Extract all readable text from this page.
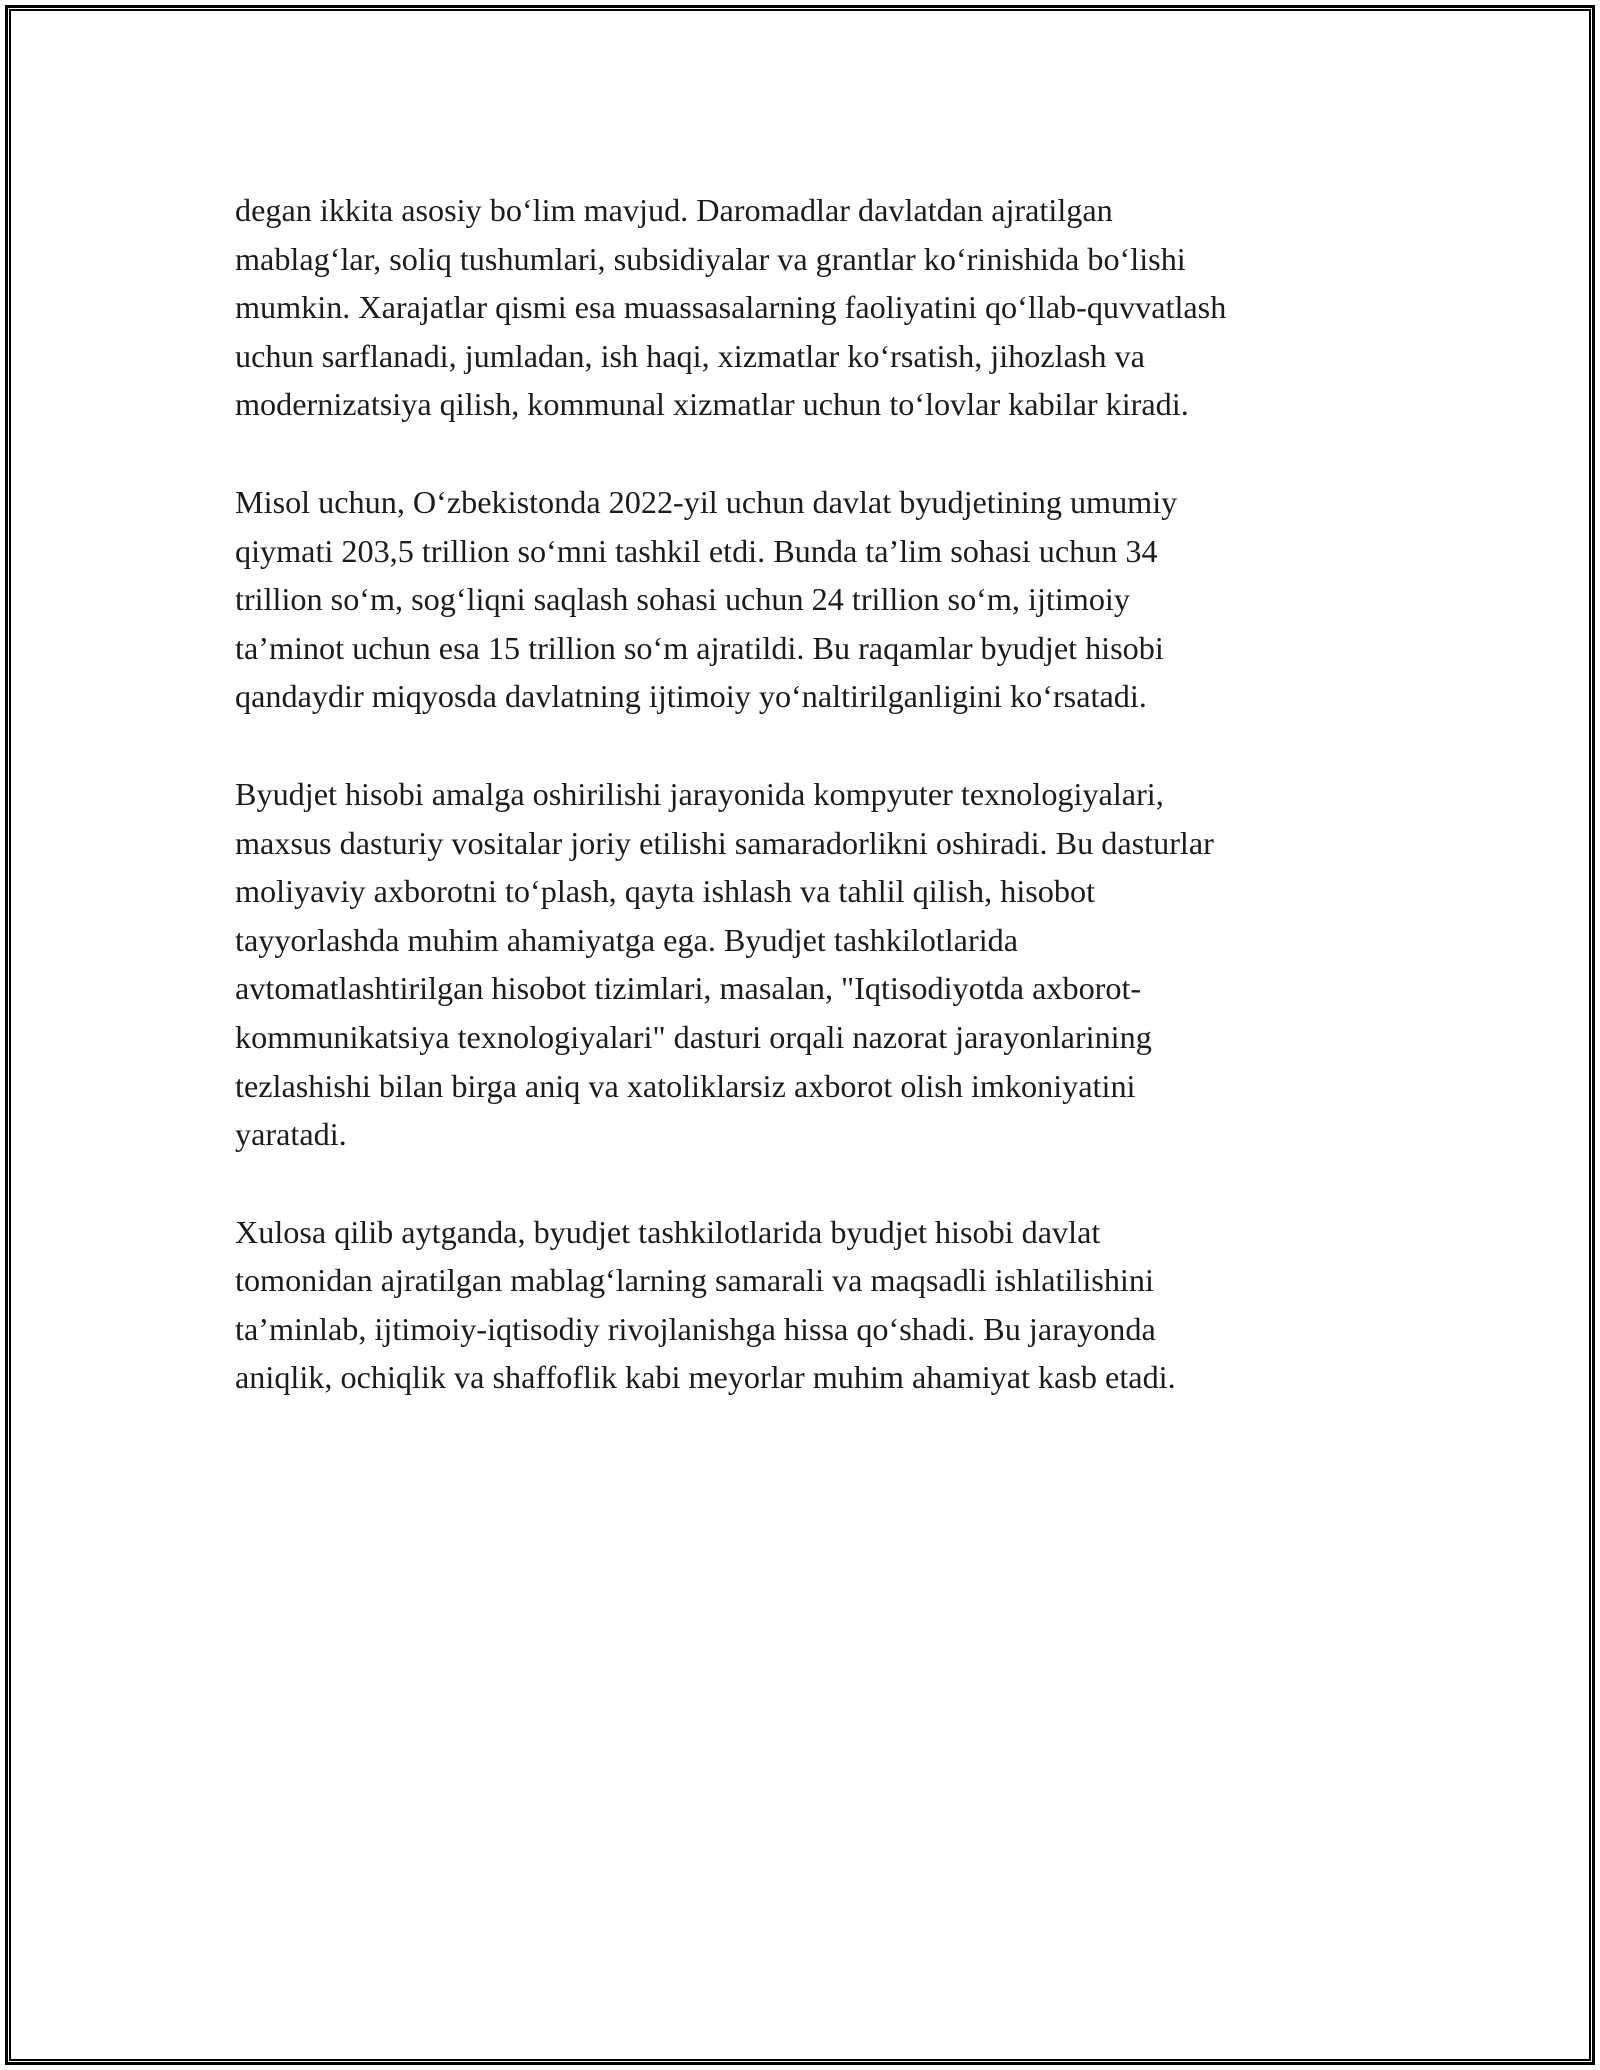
degan ikkita asosiy bo‘lim mavjud. Daromadlar davlatdan ajratilgan
mablag‘lar, soliq tushumlari, subsidiyalar va grantlar ko‘rinishida bo‘lishi
mumkin. Xarajatlar qismi esa muassasalarning faoliyatini qo‘llab-quvvatlash
uchun sarflanadi, jumladan, ish haqi, xizmatlar ko‘rsatish, jihozlash va
modernizatsiya qilish, kommunal xizmatlar uchun to‘lovlar kabilar kiradi.

Misol uchun, O‘zbekistonda 2022-yil uchun davlat byudjetining umumiy
qiymati 203,5 trillion so‘mni tashkil etdi. Bunda ta’lim sohasi uchun 34
trillion so‘m, sog‘liqni saqlash sohasi uchun 24 trillion so‘m, ijtimoiy
ta’minot uchun esa 15 trillion so‘m ajratildi. Bu raqamlar byudjet hisobi
qandaydir miqyosda davlatning ijtimoiy yo‘naltirilganligini ko‘rsatadi.

Byudjet hisobi amalga oshirilishi jarayonida kompyuter texnologiyalari,
maxsus dasturiy vositalar joriy etilishi samaradorlikni oshiradi. Bu dasturlar
moliyaviy axborotni to‘plash, qayta ishlash va tahlil qilish, hisobot
tayyorlashda muhim ahamiyatga ega. Byudjet tashkilotlarida
avtomatlashtirilgan hisobot tizimlari, masalan, "Iqtisodiyotda axborot-
kommunikatsiya texnologiyalari" dasturi orqali nazorat jarayonlarining
tezlashishi bilan birga aniq va xatoliklarsiz axborot olish imkoniyatini
yaratadi.

Xulosa qilib aytganda, byudjet tashkilotlarida byudjet hisobi davlat
tomonidan ajratilgan mablag‘larning samarali va maqsadli ishlatilishini
ta’minlab, ijtimoiy-iqtisodiy rivojlanishga hissa qo‘shadi. Bu jarayonda
aniqlik, ochiqlik va shaffoflik kabi meyorlar muhim ahamiyat kasb etadi.
